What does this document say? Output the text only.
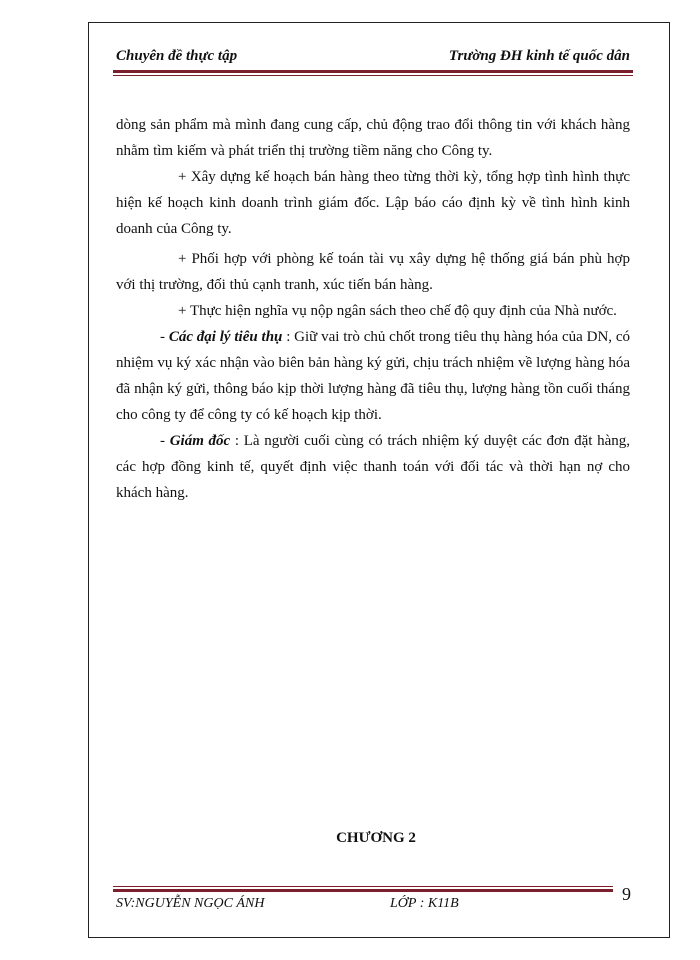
Chuyên đề thực tập	Trường ĐH kinh tế quốc dân

dòng sản phẩm mà mình đang cung cấp, chủ động trao đổi thông tin với khách hàng nhằm tìm kiếm và phát triển thị trường tiềm năng cho Công ty.

+ Xây dựng kế hoạch bán hàng theo từng thời kỳ, tổng hợp tình hình thực hiện kế hoạch kinh doanh trình giám đốc. Lập báo cáo định kỳ về tình hình kinh doanh của Công ty.

+ Phối hợp với phòng kế toán tài vụ xây dựng hệ thống giá bán phù hợp với thị trường, đối thủ cạnh tranh, xúc tiến bán hàng.

+ Thực hiện nghĩa vụ nộp ngân sách theo chế độ quy định của Nhà nước.

- Các đại lý tiêu thụ : Giữ vai trò chủ chốt trong tiêu thụ hàng hóa của DN, có nhiệm vụ ký xác nhận vào biên bản hàng ký gửi, chịu trách nhiệm về lượng hàng hóa đã nhận ký gửi, thông báo kịp thời lượng hàng đã tiêu thụ, lượng hàng tồn cuối tháng cho công ty để công ty có kế hoạch kịp thời.

- Giám đốc : Là người cuối cùng có trách nhiệm ký duyệt các đơn đặt hàng, các hợp đồng kinh tế, quyết định việc thanh toán với đối tác và thời hạn nợ cho khách hàng.

CHƯƠNG 2
SV:NGUYỄN NGỌC ÁNH	LỚP : K11B	9
